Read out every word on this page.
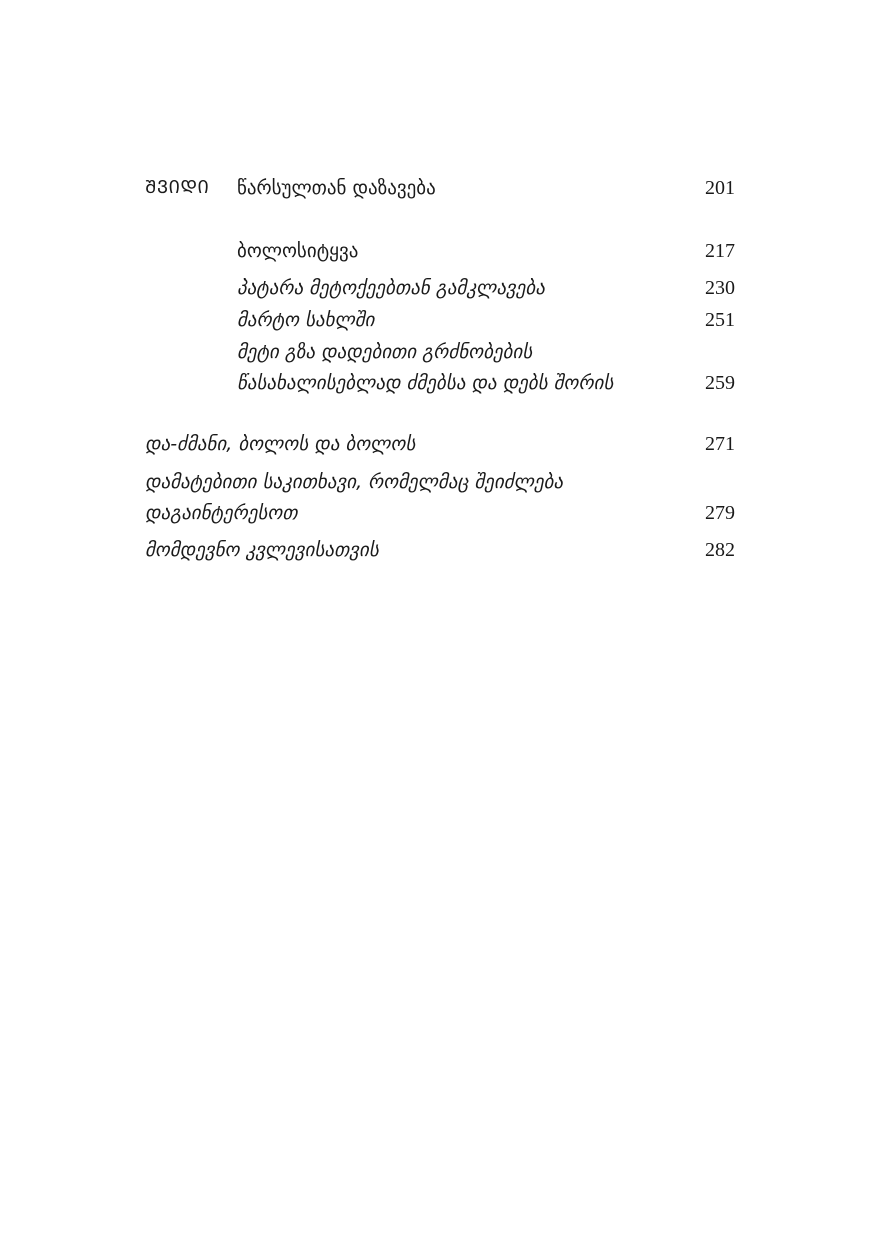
ᲨᲕᲘᲓᲘ წარსულთან დაზავება	201
ბოლოსიტყვა	217
პატარა მეტოქეებთან გამკლავება	230
მარტო სახლში	251
მეტი გზა დადებითი გრძნობების
წასახალისებლად ძმებსა და დებს შორის	259
და-ძმანი, ბოლოს და ბოლოს	271
დამატებითი საკითხავი, რომელმაც შეიძლება
დაგაინტერესოთ	279
მომდევნო კვლევისათვის	282
